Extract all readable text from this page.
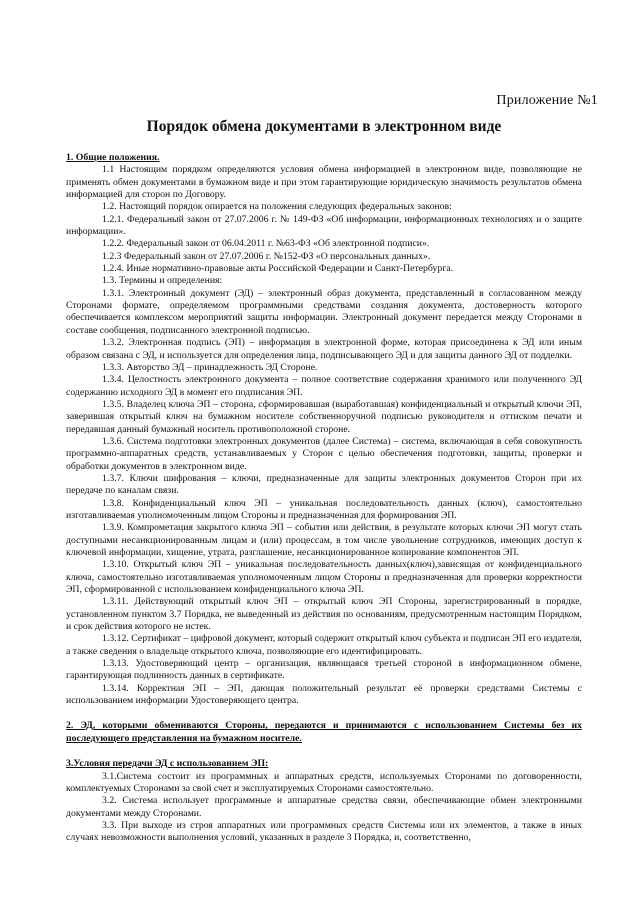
Приложение №1
Порядок обмена документами в электронном виде

1. Общие положения.

1.1 Настоящим порядком определяются условия обмена информацией в электронном виде, позволяющие не применять обмен документами в бумажном виде и при этом гарантирующие юридическую значимость результатов обмена информацией для сторон по Договору.

1.2. Настоящий порядок опирается на положения следующих федеральных законов:

1.2.1. Федеральный закон от 27.07.2006 г. № 149-ФЗ «Об информации, информационных технологиях и о защите информации».

1.2.2. Федеральный закон от 06.04.2011 г. №63-ФЗ «Об электронной подписи».

1.2.3 Федеральный закон от 27.07.2006 г. №152-ФЗ «О персональных данных».

1.2.4. Иные нормативно-правовые акты Российской Федерации и Санкт-Петербурга.

1.3. Термины и определения:

1.3.1. Электронный документ (ЭД) – электронный образ документа, представленный в согласованном между Сторонами формате, определяемом программными средствами создания документа, достоверность которого обеспечивается комплексом мероприятий защиты информации. Электронный документ передается между Сторонами в составе сообщения, подписанного электронной подписью.

1.3.2. Электронная подпись (ЭП) – информация в электронной форме, которая присоединена к ЭД или иным образом связана с ЭД, и используется для определения лица, подписывающего ЭД и для защиты данного ЭД от подделки.

1.3.3. Авторство ЭД – принадлежность ЭД Стороне.

1.3.4. Целостность электронного документа – полное соответствие содержания хранимого или полученного ЭД содержанию исходного ЭД в момент его подписания ЭП.

1.3.5. Владелец ключа ЭП – сторона, сформировавшая (выработавшая) конфиденциальный и открытый ключи ЭП, заверившая открытый ключ на бумажном носителе собственноручной подписью руководителя и оттиском печати и передавшая данный бумажный носитель противоположной стороне.

1.3.6. Система подготовки электронных документов (далее Система) – система, включающая в себя совокупность программно-аппаратных средств, устанавливаемых у Сторон с целью обеспечения подготовки, защиты, проверки и обработки документов в электронном виде.

1.3.7. Ключи шифрования – ключи, предназначенные для защиты электронных документов Сторон при их передаче по каналам связи.

1.3.8. Конфиденциальный ключ ЭП – уникальная последовательность данных (ключ), самостоятельно изготавливаемая уполномоченным лицом Стороны и предназначенная для формирования ЭП.

1.3.9. Компрометация закрытого ключа ЭП – события или действия, в результате которых ключи ЭП могут стать доступными несанкционированным лицам и (или) процессам, в том числе увольнение сотрудников, имеющих доступ к ключевой информации, хищение, утрата, разглашение, несанкционированное копирование компонентов ЭП.

1.3.10. Открытый ключ ЭП – уникальная последовательность данных(ключ),зависящая от конфиденциального ключа, самостоятельно изготавливаемая уполномоченным лицом Стороны и предназначенная для проверки корректности ЭП, сформированной с использованием конфиденциального ключа ЭП.

1.3.11. Действующий открытый ключ ЭП – открытый ключ ЭП Стороны, зарегистрированный в порядке, установленном пунктом 3.7 Порядка, не выведенный из действия по основаниям, предусмотренным настоящим Порядком, и срок действия которого не истек.

1.3.12. Сертификат – цифровой документ, который содержит открытый ключ субъекта и подписан ЭП его издателя, а также сведения о владельце открытого ключа, позволяющие его идентифицировать.

1.3.13. Удостоверяющий центр – организация, являющаяся третьей стороной в информационном обмене, гарантирующая подлинность данных в сертификате.

1.3.14. Корректная ЭП – ЭП, дающая положительный результат её проверки средствами Системы с использованием информации Удостоверяющего центра.

2. ЭД, которыми обмениваются Стороны, передаются и принимаются с использованием Системы без их последующего представления на бумажном носителе.

3.Условия передачи ЭД с использованием ЭП:

3.1.Система состоит из программных и аппаратных средств, используемых Сторонами по договоренности, комплектуемых Сторонами за свой счет и эксплуатируемых Сторонами самостоятельно.

3.2. Система использует программные и аппаратные средства связи, обеспечивающие обмен электронными документами между Сторонами.

3.3. При выходе из строя аппаратных или программных средств Системы или их элементов, а также в иных случаях невозможности выполнения условий, указанных в разделе 3 Порядка, и, соответственно,
